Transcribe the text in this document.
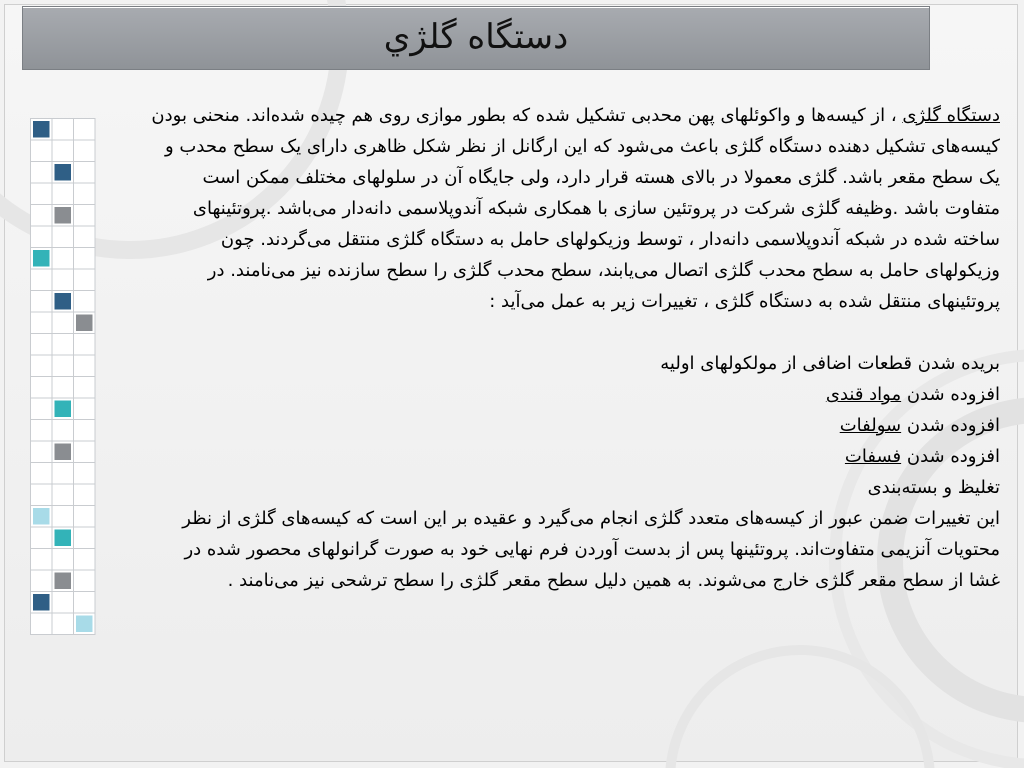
دستگاه گلژي

دستگاه گلژی ، از کیسه‌ها و واکوئلهای پهن محدبی تشکیل شده که بطور موازی روی هم چیده شده‌اند. منحنی بودن کیسه‌های تشکیل دهنده دستگاه گلژی باعث می‌شود که این ارگانل از نظر شکل ظاهری دارای یک سطح محدب و یک سطح مقعر باشد. گلژی معمولا در بالای هسته قرار دارد، ولی جایگاه آن در سلولهای مختلف ممکن است متفاوت باشد .وظیفه گلژی شرکت در پروتئین سازی با همکاری شبکه آندوپلاسمی دانه‌دار می‌باشد .پروتئینهای ساخته شده در شبکه آندوپلاسمی دانه‌دار ، توسط وزیکولهای حامل به دستگاه گلژی منتقل می‌گردند. چون وزیکولهای حامل به سطح محدب گلژی اتصال می‌یابند، سطح محدب گلژی را سطح سازنده نیز می‌نامند. در پروتئینهای منتقل شده به دستگاه گلژی ، تغییرات زیر به عمل می‌آید :

بریده شدن قطعات اضافی از مولکولهای اولیه
افزوده شدن مواد قندی
افزوده شدن سولفات
افزوده شدن فسفات
تغلیظ و بسته‌بندی

این تغییرات ضمن عبور از کیسه‌های متعدد گلژی انجام می‌گیرد و عقیده بر این است که کیسه‌های گلژی از نظر محتویات آنزیمی متفاوت‌اند. پروتئینها پس از بدست آوردن فرم نهایی خود به صورت گرانولهای محصور شده در غشا از سطح مقعر گلژی خارج می‌شوند. به همین دلیل سطح مقعر گلژی را سطح ترشحی نیز می‌نامند .
